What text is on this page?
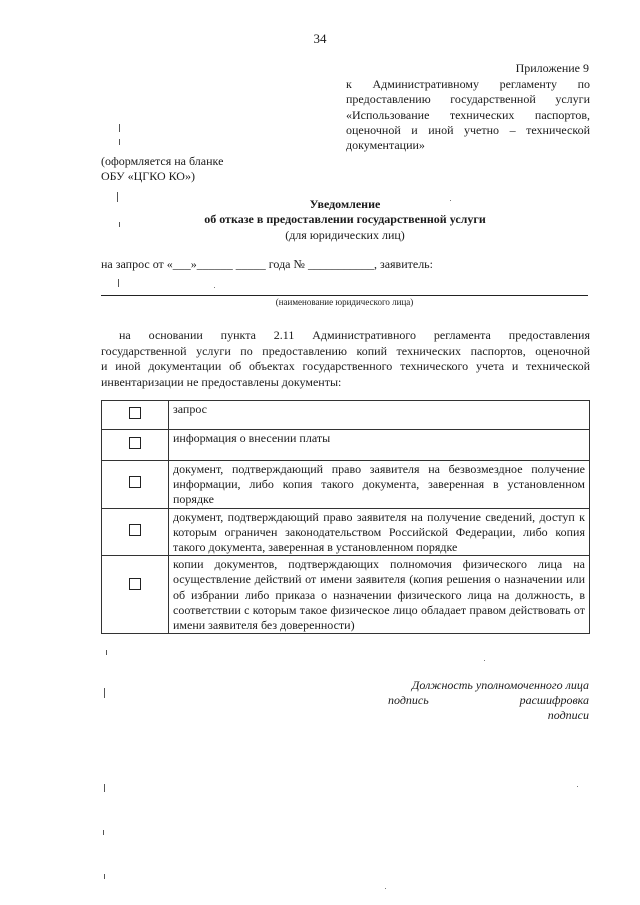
34
Приложение 9
к Административному регламенту по
предоставлению государственной услуги
«Использование технических паспортов,
оценочной и иной учетно – технической
документации»
(оформляется на бланке
ОБУ «ЦГКО КО»)
Уведомление
об отказе в предоставлении государственной услуги
(для юридических лиц)
на запрос от «___»______ _____ года № ___________, заявитель:
(наименование юридического лица)
на основании пункта 2.11 Административного регламента предоставления
государственной услуги по предоставлению копий технических паспортов, оценочной
и иной документации об объектах государственного технического учета и технической
инвентаризации не предоставлены документы:
	запрос
	информация о внесении платы
	документ, подтверждающий право заявителя на безвозмездное получение информации, либо копия такого документа, заверенная в установленном порядке
	документ, подтверждающий право заявителя на получение сведений, доступ к которым ограничен законодательством Российской Федерации, либо копия такого документа, заверенная в установленном порядке
	копии документов, подтверждающих полномочия физического лица на осуществление действий от имени заявителя (копия решения о назначении или об избрании либо приказа о назначении физического лица на должность, в соответствии с которым такое физическое лицо обладает правом действовать от имени заявителя без доверенности)
Должность уполномоченного лица
подпись	расшифровка подписи
